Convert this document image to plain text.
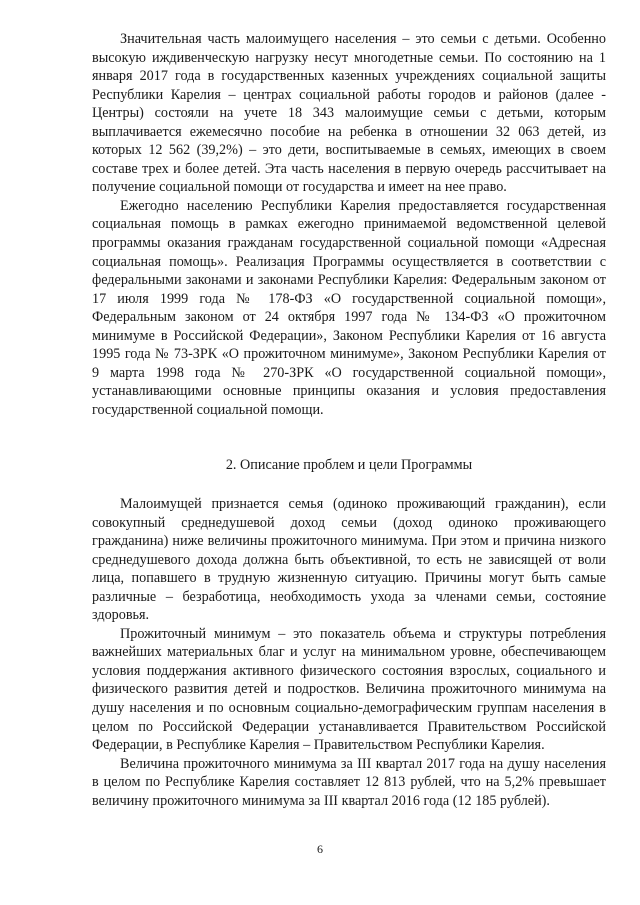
Значительная часть малоимущего населения – это семьи с детьми. Особенно высокую иждивенческую нагрузку несут многодетные семьи. По состоянию на 1 января 2017 года в государственных казенных учреждениях социальной защиты Республики Карелия – центрах социальной работы городов и районов (далее - Центры) состояли на учете 18 343 малоимущие семьи с детьми, которым выплачивается ежемесячно пособие на ребенка в отношении 32 063 детей, из которых 12 562 (39,2%) – это дети, воспитываемые в семьях, имеющих в своем составе трех и более детей. Эта часть населения в первую очередь рассчитывает на получение социальной помощи от государства и имеет на нее право.

Ежегодно населению Республики Карелия предоставляется государственная социальная помощь в рамках ежегодно принимаемой ведомственной целевой программы оказания гражданам государственной социальной помощи «Адресная социальная помощь». Реализация Программы осуществляется в соответствии с федеральными законами и законами Республики Карелия: Федеральным законом от 17 июля 1999 года № 178-ФЗ «О государственной социальной помощи», Федеральным законом от 24 октября 1997 года № 134-ФЗ «О прожиточном минимуме в Российской Федерации», Законом Республики Карелия от 16 августа 1995 года № 73-ЗРК «О прожиточном минимуме», Законом Республики Карелия от 9 марта 1998 года № 270-ЗРК «О государственной социальной помощи», устанавливающими основные принципы оказания и условия предоставления государственной социальной помощи.

2. Описание проблем и цели Программы

Малоимущей признается семья (одиноко проживающий гражданин), если совокупный среднедушевой доход семьи (доход одиноко проживающего гражданина) ниже величины прожиточного минимума. При этом и причина низкого среднедушевого дохода должна быть объективной, то есть не зависящей от воли лица, попавшего в трудную жизненную ситуацию. Причины могут быть самые различные – безработица, необходимость ухода за членами семьи, состояние здоровья.

Прожиточный минимум – это показатель объема и структуры потребления важнейших материальных благ и услуг на минимальном уровне, обеспечивающем условия поддержания активного физического состояния взрослых, социального и физического развития детей и подростков. Величина прожиточного минимума на душу населения и по основным социально-демографическим группам населения в целом по Российской Федерации устанавливается Правительством Российской Федерации, в Республике Карелия – Правительством Республики Карелия.

Величина прожиточного минимума за III квартал 2017 года на душу населения в целом по Республике Карелия составляет 12 813 рублей, что на 5,2% превышает величину прожиточного минимума за III квартал 2016 года (12 185 рублей).

6
